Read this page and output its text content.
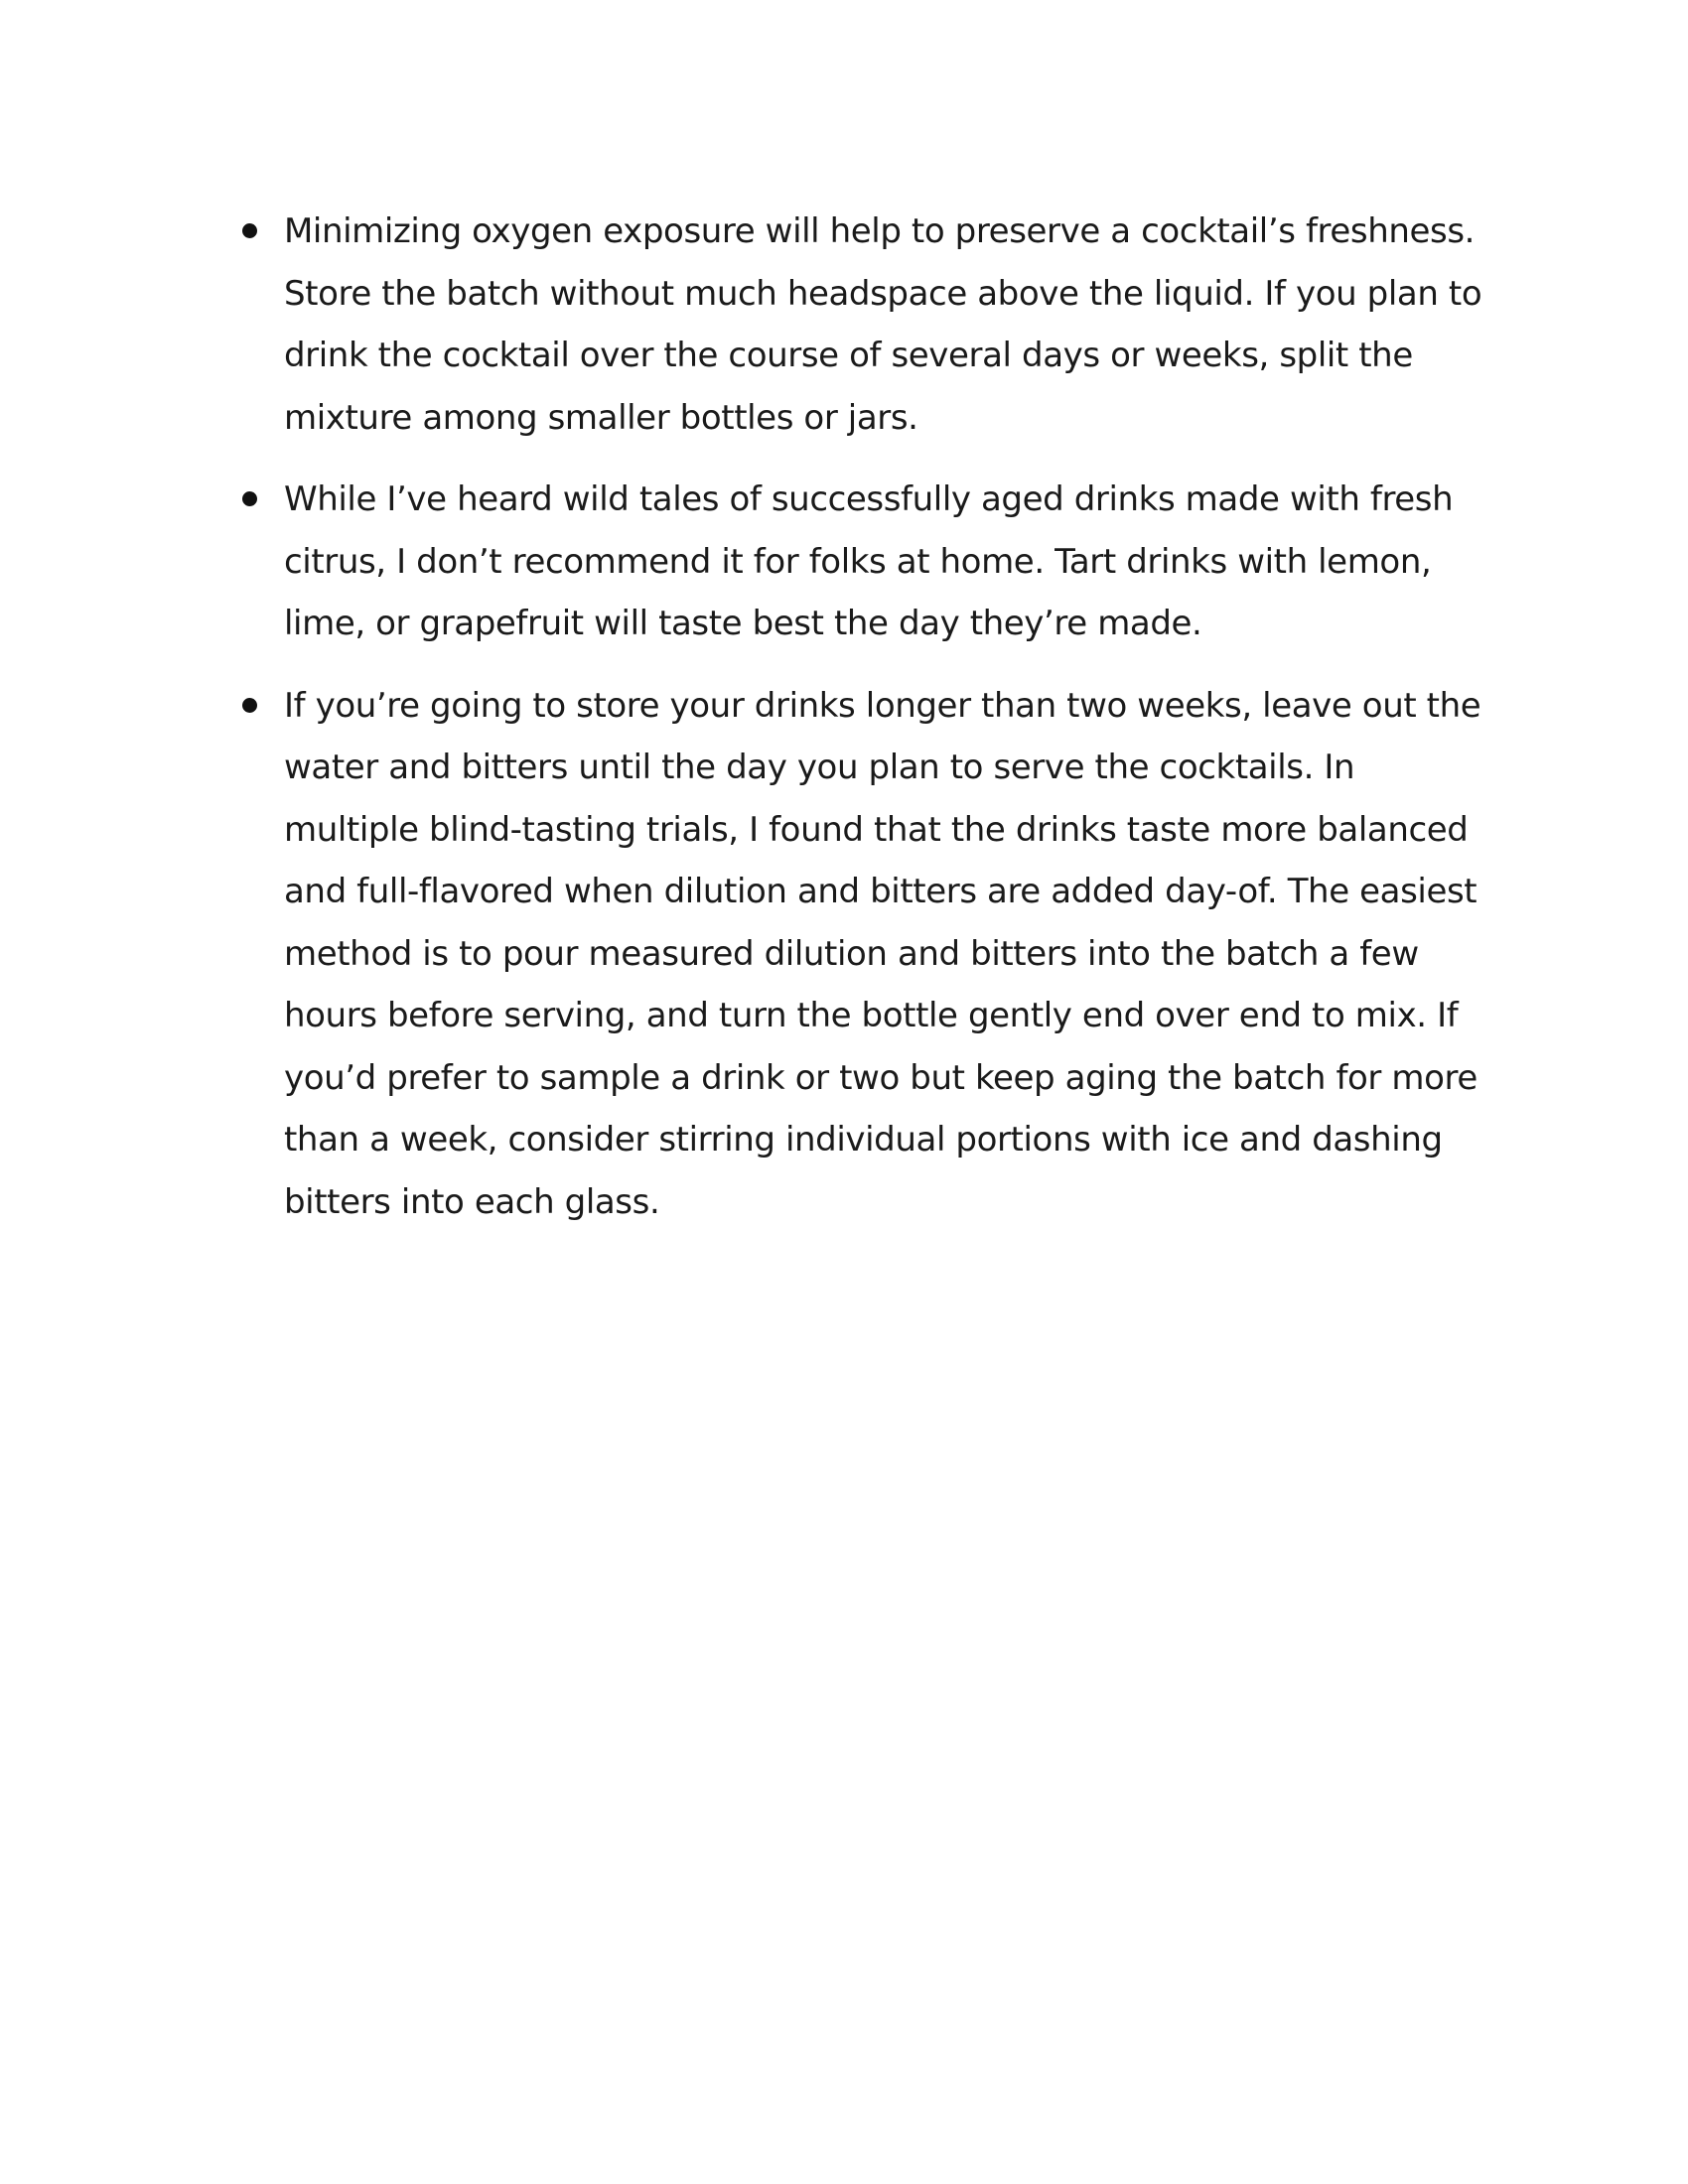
Minimizing oxygen exposure will help to preserve a cocktail’s freshness. Store the batch without much headspace above the liquid. If you plan to drink the cocktail over the course of several days or weeks, split the mixture among smaller bottles or jars.
While I’ve heard wild tales of successfully aged drinks made with fresh citrus, I don’t recommend it for folks at home. Tart drinks with lemon, lime, or grapefruit will taste best the day they’re made.
If you’re going to store your drinks longer than two weeks, leave out the water and bitters until the day you plan to serve the cocktails. In multiple blind-tasting trials, I found that the drinks taste more balanced and full-flavored when dilution and bitters are added day-of. The easiest method is to pour measured dilution and bitters into the batch a few hours before serving, and turn the bottle gently end over end to mix. If you’d prefer to sample a drink or two but keep aging the batch for more than a week, consider stirring individual portions with ice and dashing bitters into each glass.
